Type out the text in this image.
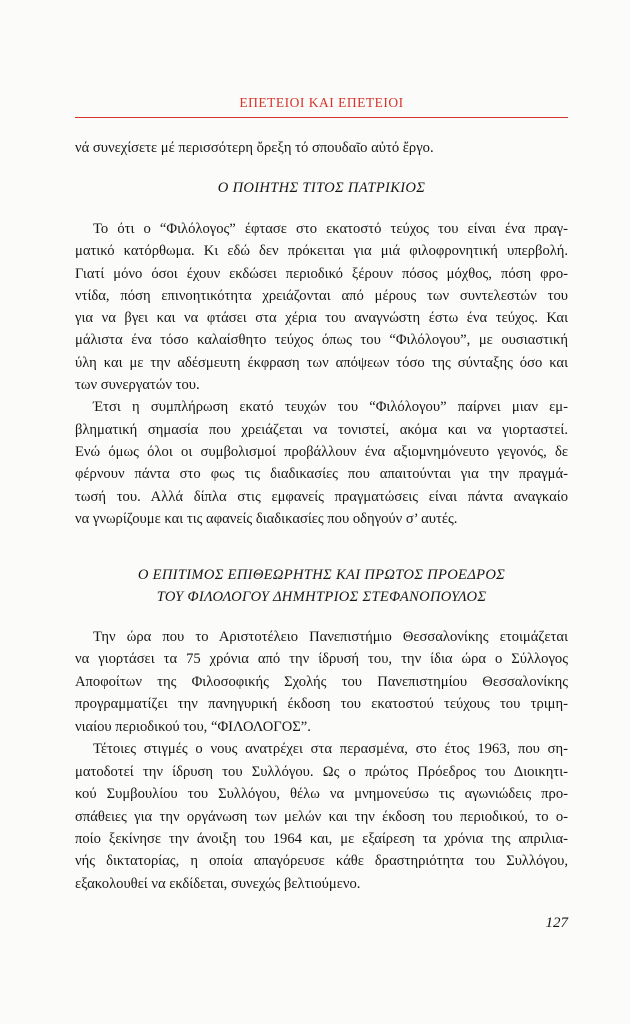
ΕΠΕΤΕΙΟΙ ΚΑΙ ΕΠΕΤΕΙΟΙ
νά συνεχίσετε μέ περισσότερη ὄρεξη τό σπουδαῖο αὐτό ἔργο.
Ο ΠΟΙΗΤΗΣ ΤΙΤΟΣ ΠΑΤΡΙΚΙΟΣ
Το ότι ο “Φιλόλογος” έφτασε στο εκατοστό τεύχος του είναι ένα πραγ-
ματικό κατόρθωμα. Κι εδώ δεν πρόκειται για μιά φιλοφρονητική υπερβολή.
Γιατί μόνο όσοι έχουν εκδώσει περιοδικό ξέρουν πόσος μόχθος, πόση φρο-
ντίδα, πόση επινοητικότητα χρειάζονται από μέρους των συντελεστών του
για να βγει και να φτάσει στα χέρια του αναγνώστη έστω ένα τεύχος. Και
μάλιστα ένα τόσο καλαίσθητο τεύχος όπως του “Φιλόλογου”, με ουσιαστική
ύλη και με την αδέσμευτη έκφραση των απόψεων τόσο της σύνταξης όσο και
των συνεργατών του.
Έτσι η συμπλήρωση εκατό τευχών του “Φιλόλογου” παίρνει μιαν εμ-
βληματική σημασία που χρειάζεται να τονιστεί, ακόμα και να γιορταστεί.
Ενώ όμως όλοι οι συμβολισμοί προβάλλουν ένα αξιομνημόνευτο γεγονός, δε
φέρνουν πάντα στο φως τις διαδικασίες που απαιτούνται για την πραγμά-
τωσή του. Αλλά δίπλα στις εμφανείς πραγματώσεις είναι πάντα αναγκαίο
να γνωρίζουμε και τις αφανείς διαδικασίες που οδηγούν σ’ αυτές.
Ο ΕΠΙΤΙΜΟΣ ΕΠΙΘΕΩΡΗΤΗΣ ΚΑΙ ΠΡΩΤΟΣ ΠΡΟΕΔΡΟΣ
ΤΟΥ ΦΙΛΟΛΟΓΟΥ ΔΗΜΗΤΡΙΟΣ ΣΤΕΦΑΝΟΠΟΥΛΟΣ
Την ώρα που το Αριστοτέλειο Πανεπιστήμιο Θεσσαλονίκης ετοιμάζεται
να γιορτάσει τα 75 χρόνια από την ίδρυσή του, την ίδια ώρα ο Σύλλογος
Αποφοίτων της Φιλοσοφικής Σχολής του Πανεπιστημίου Θεσσαλονίκης
προγραμματίζει την πανηγυρική έκδοση του εκατοστού τεύχους του τριμη-
νιαίου περιοδικού του, “ΦΙΛΟΛΟΓΟΣ”.
Τέτοιες στιγμές ο νους ανατρέχει στα περασμένα, στο έτος 1963, που ση-
ματοδοτεί την ίδρυση του Συλλόγου. Ως ο πρώτος Πρόεδρος του Διοικητι-
κού Συμβουλίου του Συλλόγου, θέλω να μνημονεύσω τις αγωνιώδεις προ-
σπάθειες για την οργάνωση των μελών και την έκδοση του περιοδικού, το ο-
ποίο ξεκίνησε την άνοιξη του 1964 και, με εξαίρεση τα χρόνια της απριλια-
νής δικτατορίας, η οποία απαγόρευσε κάθε δραστηριότητα του Συλλόγου,
εξακολουθεί να εκδίδεται, συνεχώς βελτιούμενο.
127
